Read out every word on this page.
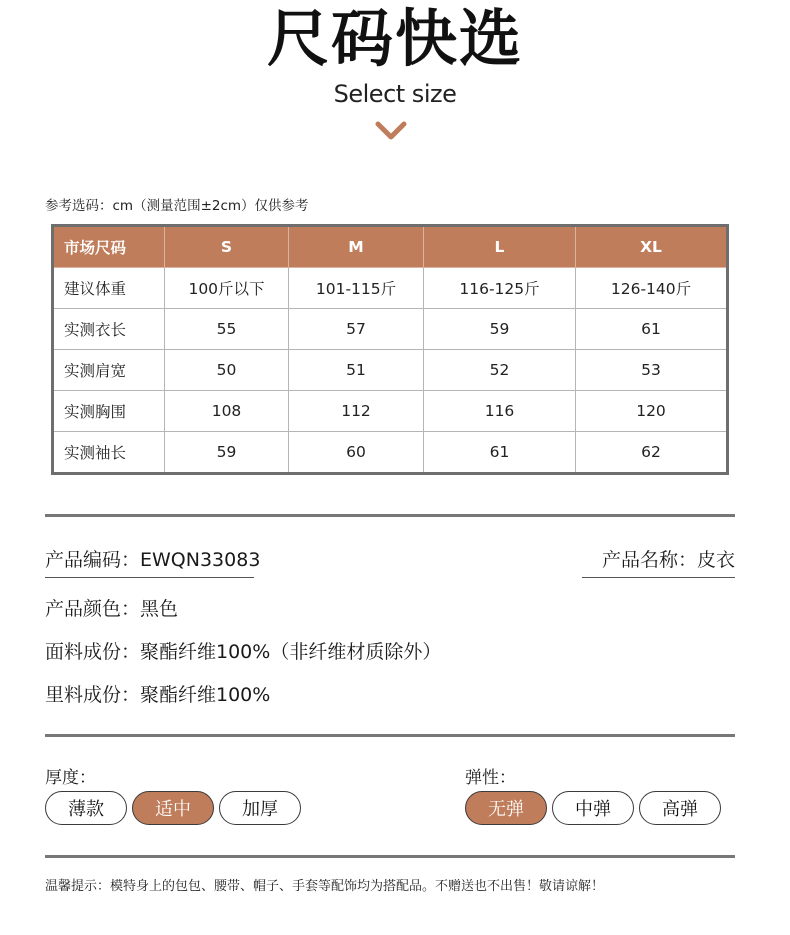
尺码快选
Select size
参考选码：cm（测量范围±2cm）仅供参考
市场尺码	S	M	L	XL
建议体重	100斤以下	101-115斤	116-125斤	126-140斤
实测衣长	55	57	59	61
实测肩宽	50	51	52	53
实测胸围	108	112	116	120
实测袖长	59	60	61	62
产品编码：EWQN33083	产品名称：皮衣
产品颜色：黑色
面料成份：聚酯纤维100%（非纤维材质除外）
里料成份：聚酯纤维100%
厚度：
薄款	适中	加厚
弹性：
无弹	中弹	高弹
温馨提示：模特身上的包包、腰带、帽子、手套等配饰均为搭配品。不赠送也不出售！敬请谅解！
